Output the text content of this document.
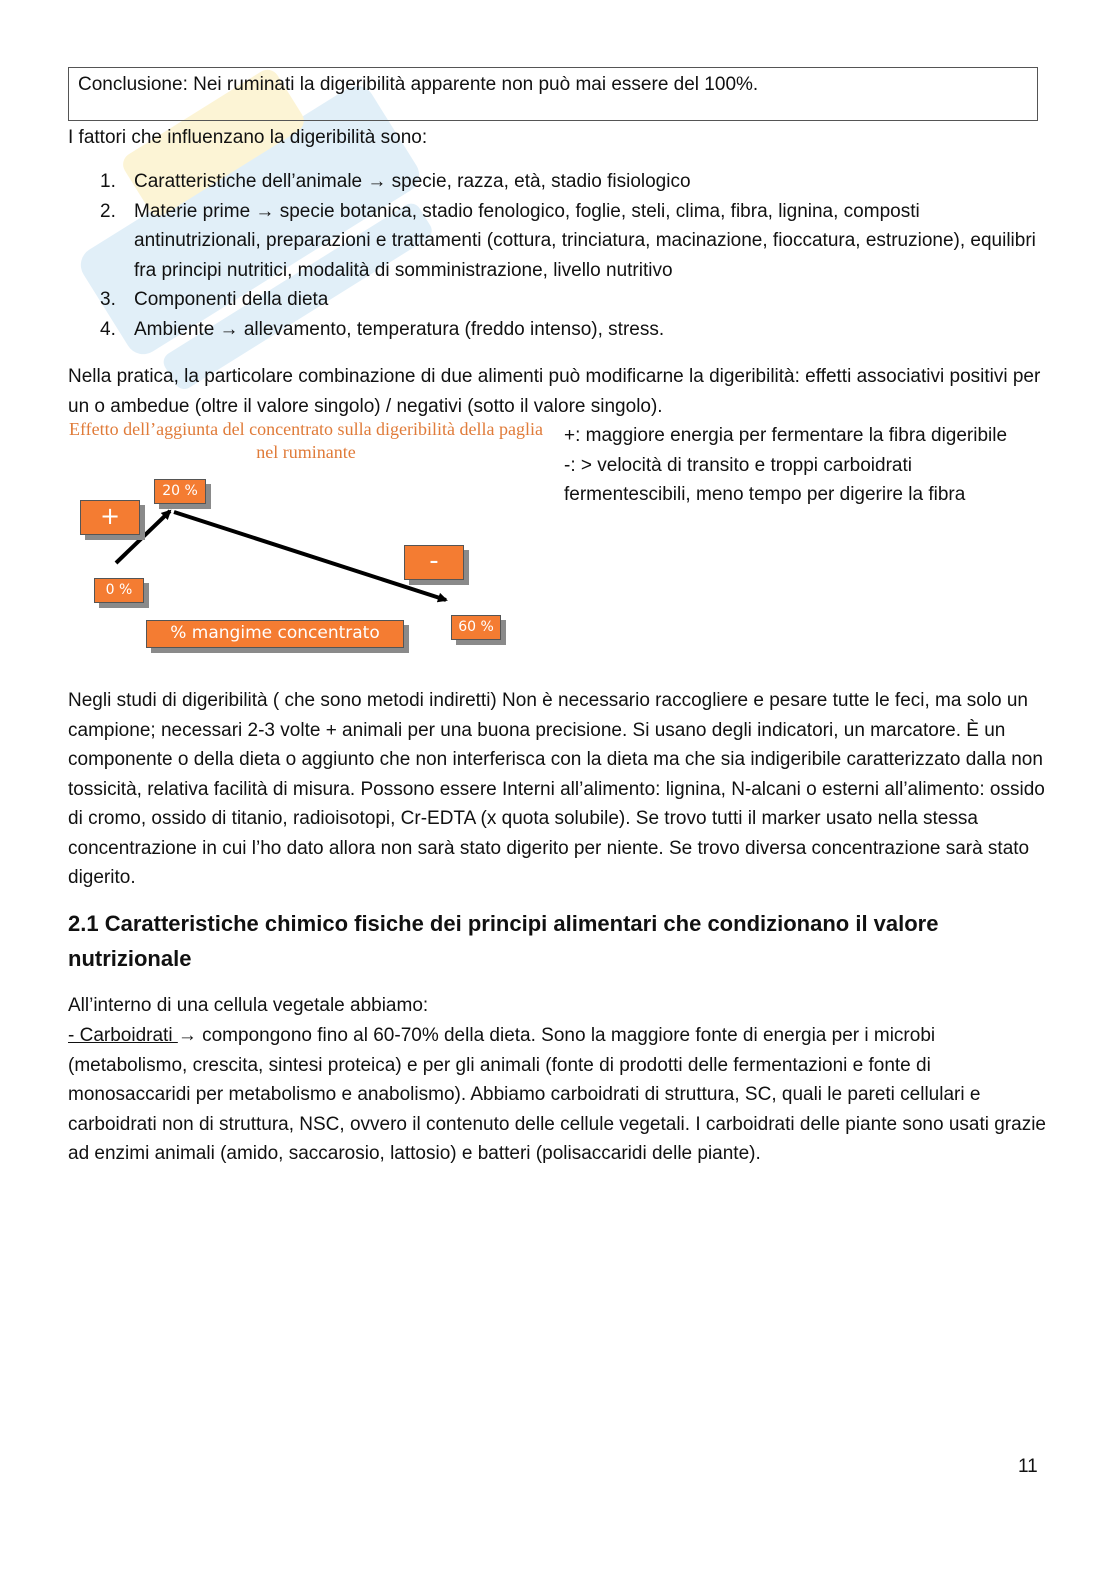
Conclusione: Nei ruminati la digeribilità apparente non può mai essere del 100%.

I fattori che influenzano la digeribilità sono:

1. Caratteristiche dell’animale → specie, razza, età, stadio fisiologico
2. Materie prime → specie botanica, stadio fenologico, foglie, steli, clima, fibra, lignina, composti antinutrizionali, preparazioni e trattamenti (cottura, trinciatura, macinazione, fioccatura, estruzione), equilibri fra principi nutritici, modalità di somministrazione, livello nutritivo
3. Componenti della dieta
4. Ambiente → allevamento, temperatura (freddo intenso), stress.

Nella pratica, la particolare combinazione di due alimenti può modificarne la digeribilità: effetti associativi positivi per un o ambedue (oltre il valore singolo) / negativi (sotto il valore singolo).

Effetto dell’aggiunta del concentrato sulla digeribilità della paglia nel ruminante
+
20 %
-
0 %
60 %
% mangime concentrato
+: maggiore energia per fermentare la fibra digeribile
-: > velocità di transito e troppi carboidrati fermentescibili, meno tempo per digerire la fibra

Negli studi di digeribilità ( che sono metodi indiretti) Non è necessario raccogliere e pesare tutte le feci, ma solo un campione; necessari 2-3 volte + animali per una buona precisione. Si usano degli indicatori, un marcatore. È un componente o della dieta o aggiunto che non interferisca con la dieta ma che sia indigeribile caratterizzato dalla non tossicità, relativa facilità di misura. Possono essere Interni all’alimento: lignina, N-alcani o esterni all’alimento: ossido di cromo, ossido di titanio, radioisotopi, Cr-EDTA (x quota solubile). Se trovo tutti il marker usato nella stessa concentrazione in cui l’ho dato allora non sarà stato digerito per niente. Se trovo diversa concentrazione sarà stato digerito.

2.1 Caratteristiche chimico fisiche dei principi alimentari che condizionano il valore nutrizionale

All’interno di una cellula vegetale abbiamo:

- Carboidrati → compongono fino al 60-70% della dieta. Sono la maggiore fonte di energia per i microbi (metabolismo, crescita, sintesi proteica) e per gli animali (fonte di prodotti delle fermentazioni e fonte di monosaccaridi per metabolismo e anabolismo). Abbiamo carboidrati di struttura, SC, quali le pareti cellulari e carboidrati non di struttura, NSC, ovvero il contenuto delle cellule vegetali. I carboidrati delle piante sono usati grazie ad enzimi animali (amido, saccarosio, lattosio) e batteri (polisaccaridi delle piante).

11
